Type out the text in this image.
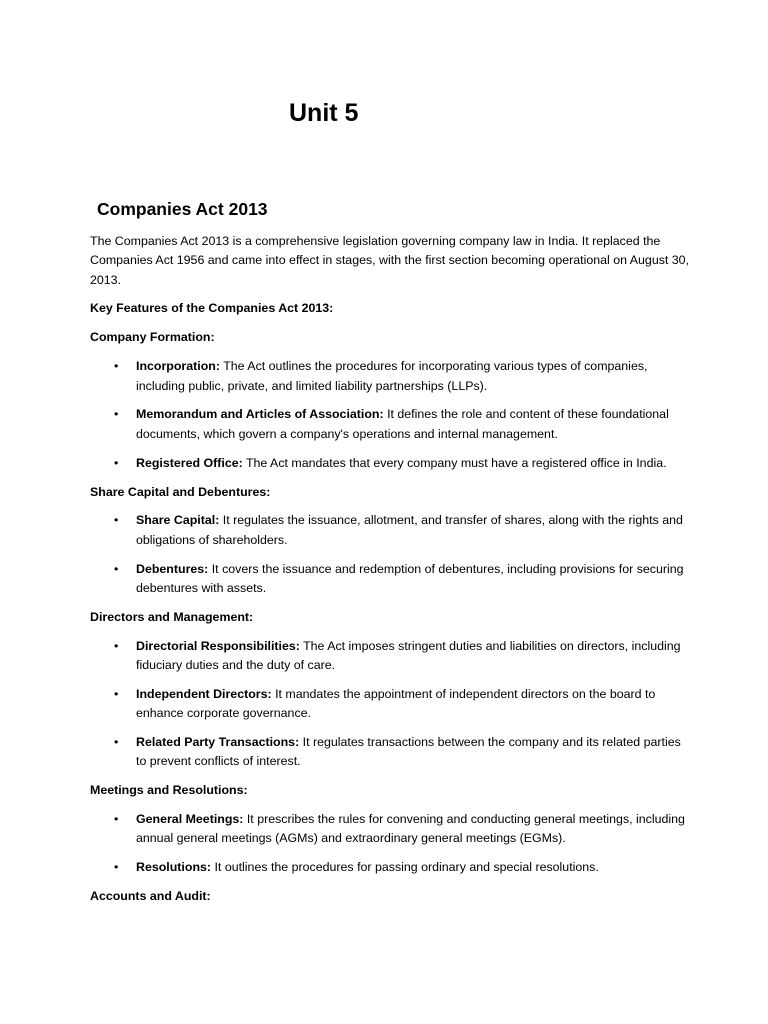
Unit 5
Companies Act 2013

The Companies Act 2013 is a comprehensive legislation governing company law in India. It replaced the Companies Act 1956 and came into effect in stages, with the first section becoming operational on August 30, 2013.

Key Features of the Companies Act 2013:

Company Formation:

• Incorporation: The Act outlines the procedures for incorporating various types of companies, including public, private, and limited liability partnerships (LLPs).
• Memorandum and Articles of Association: It defines the role and content of these foundational documents, which govern a company's operations and internal management.
• Registered Office: The Act mandates that every company must have a registered office in India.

Share Capital and Debentures:

• Share Capital: It regulates the issuance, allotment, and transfer of shares, along with the rights and obligations of shareholders.
• Debentures: It covers the issuance and redemption of debentures, including provisions for securing debentures with assets.

Directors and Management:

• Directorial Responsibilities: The Act imposes stringent duties and liabilities on directors, including fiduciary duties and the duty of care.
• Independent Directors: It mandates the appointment of independent directors on the board to enhance corporate governance.
• Related Party Transactions: It regulates transactions between the company and its related parties to prevent conflicts of interest.

Meetings and Resolutions:

• General Meetings: It prescribes the rules for convening and conducting general meetings, including annual general meetings (AGMs) and extraordinary general meetings (EGMs).
• Resolutions: It outlines the procedures for passing ordinary and special resolutions.

Accounts and Audit:
